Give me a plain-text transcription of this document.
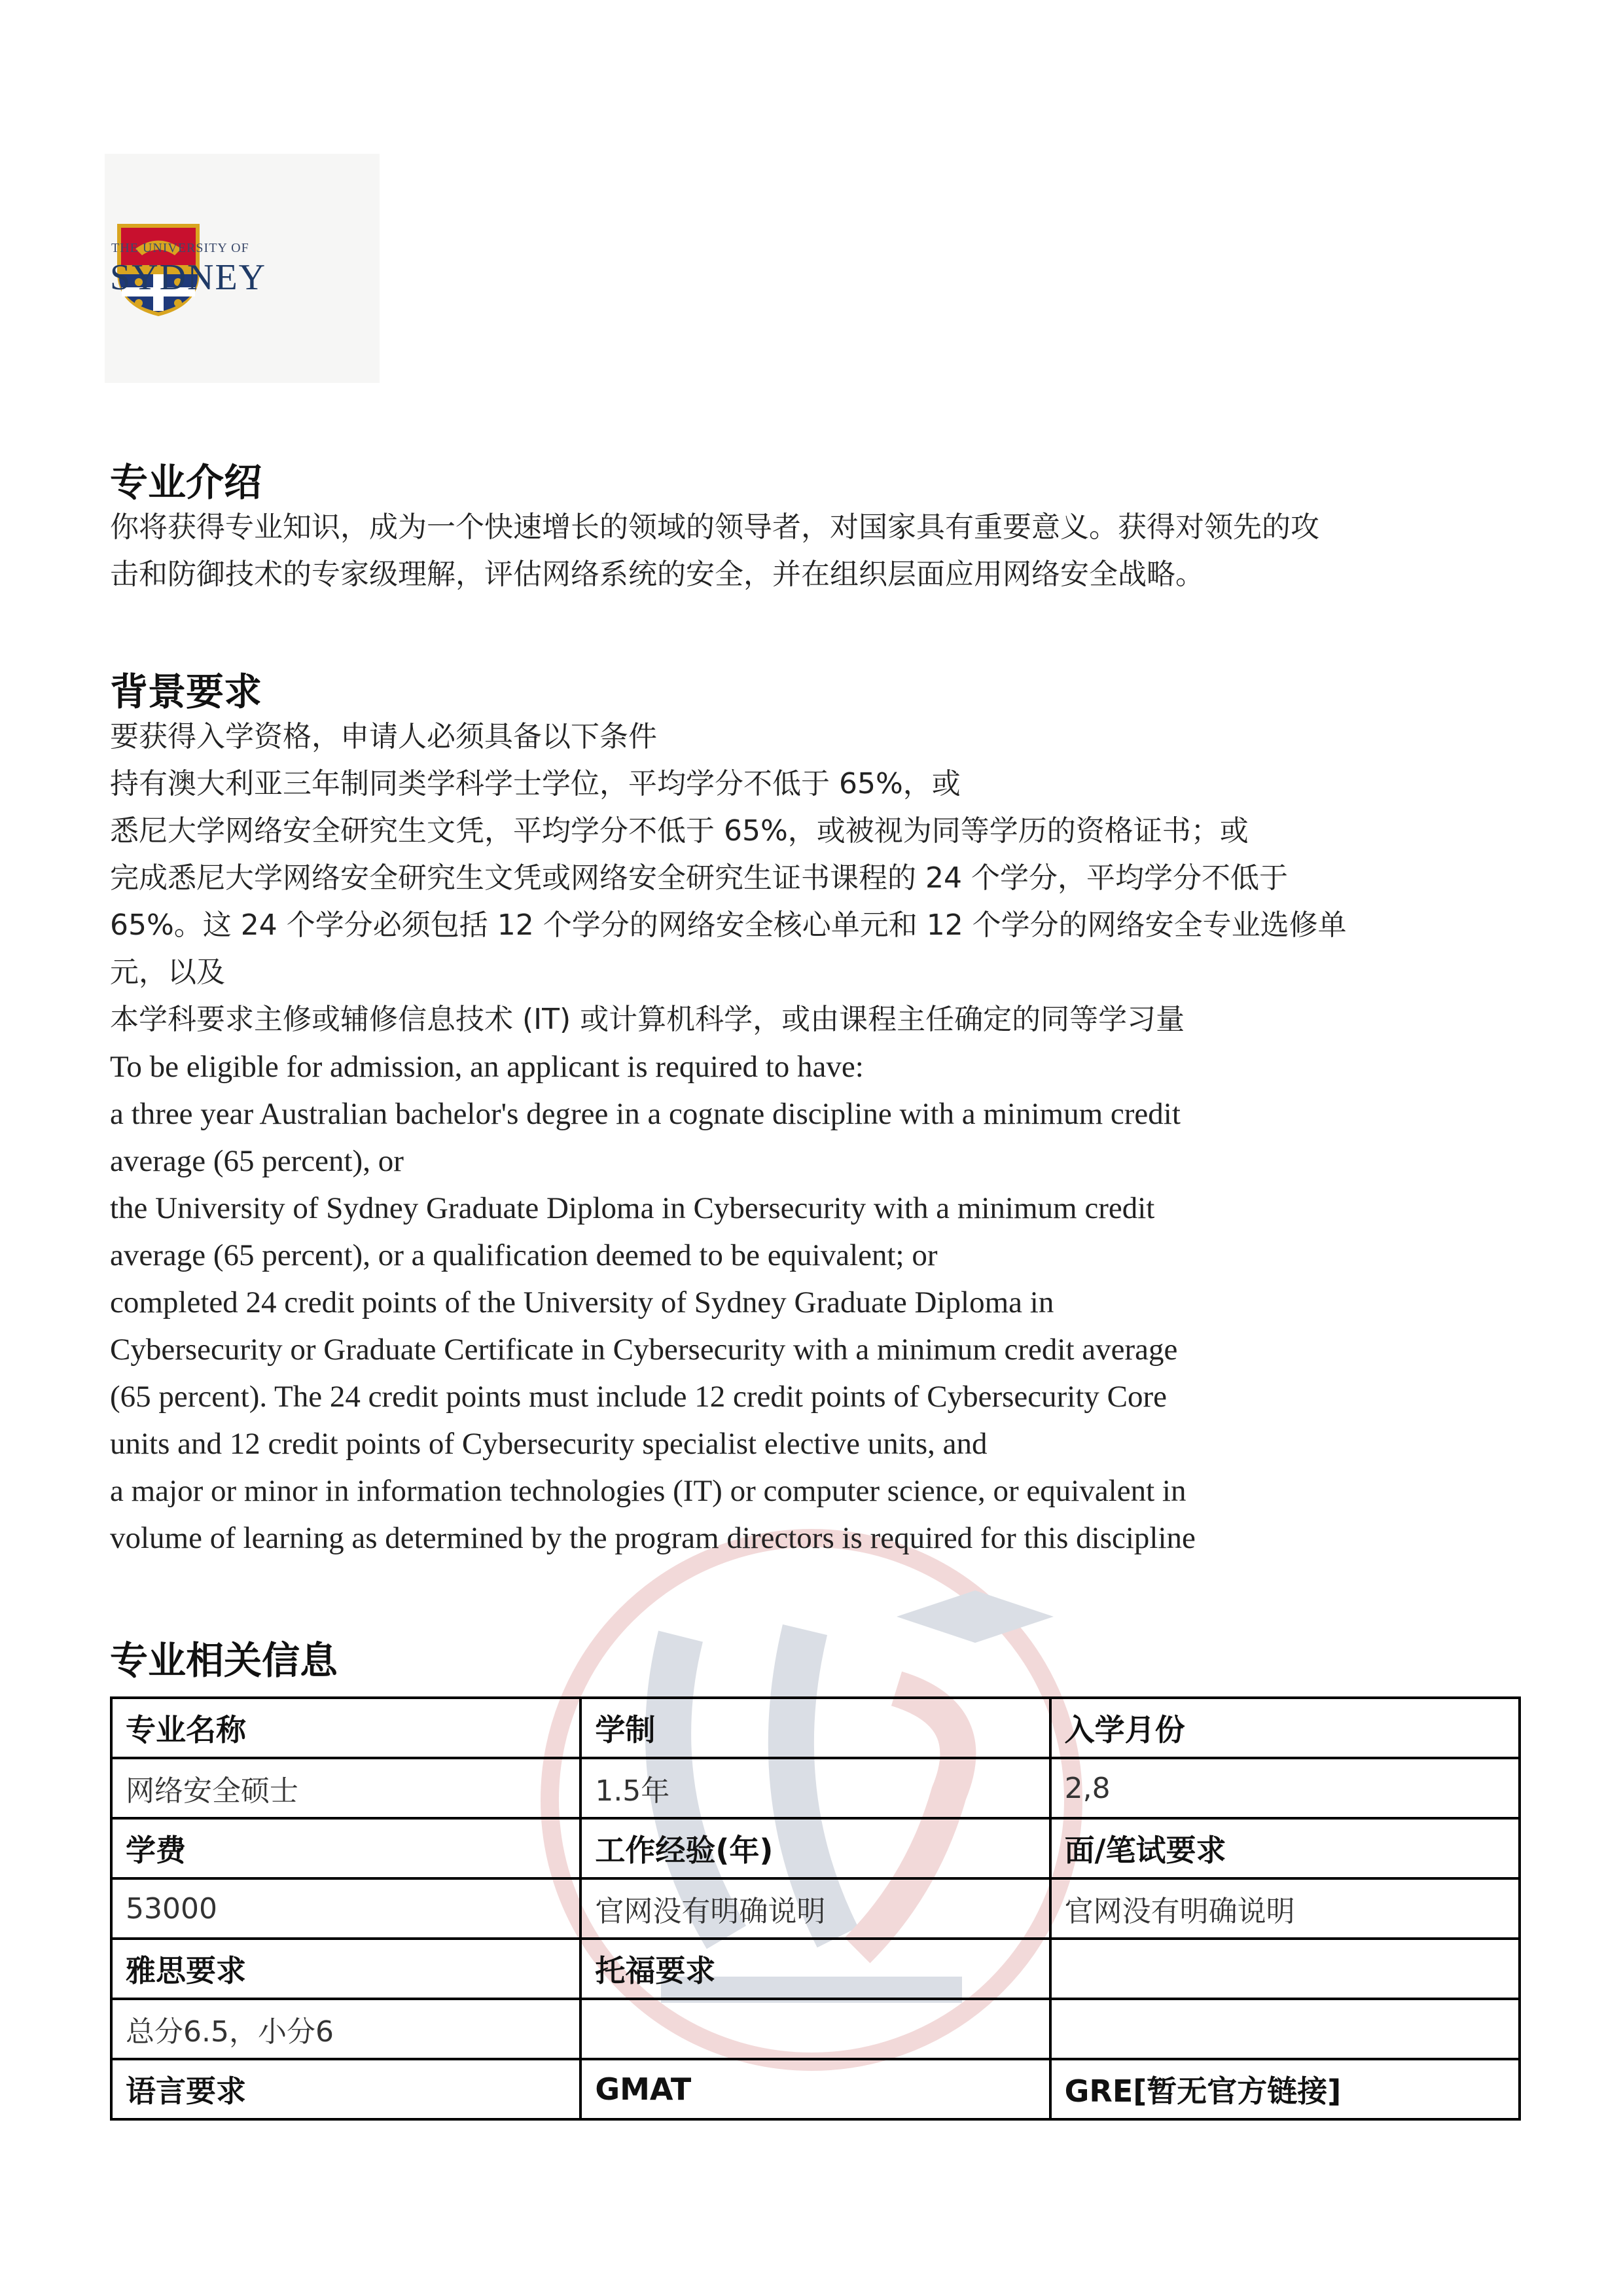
THE UNIVERSITY OF
SYDNEY
专业介绍

你将获得专业知识，成为一个快速增长的领域的领导者，对国家具有重要意义。获得对领先的攻

击和防御技术的专家级理解，评估网络系统的安全，并在组织层面应用网络安全战略。

背景要求

要获得入学资格，申请人必须具备以下条件

持有澳大利亚三年制同类学科学士学位，平均学分不低于 65%，或

悉尼大学网络安全研究生文凭，平均学分不低于 65%，或被视为同等学历的资格证书；或

完成悉尼大学网络安全研究生文凭或网络安全研究生证书课程的 24 个学分，平均学分不低于

65%。这 24 个学分必须包括 12 个学分的网络安全核心单元和 12 个学分的网络安全专业选修单

元，以及

本学科要求主修或辅修信息技术 (IT) 或计算机科学，或由课程主任确定的同等学习量

To be eligible for admission, an applicant is required to have:

a three year Australian bachelor's degree in a cognate discipline with a minimum credit

average (65 percent), or

the University of Sydney Graduate Diploma in Cybersecurity with a minimum credit

average (65 percent), or a qualification deemed to be equivalent; or

completed 24 credit points of the University of Sydney Graduate Diploma in

Cybersecurity or Graduate Certificate in Cybersecurity with a minimum credit average

(65 percent). The 24 credit points must include 12 credit points of Cybersecurity Core

units and 12 credit points of Cybersecurity specialist elective units, and

a major or minor in information technologies (IT) or computer science, or equivalent in

volume of learning as determined by the program directors is required for this discipline

专业相关信息
专业名称	学制	入学月份
网络安全硕士	1.5年	2,8
学费	工作经验(年)	面/笔试要求
53000	官网没有明确说明	官网没有明确说明
雅思要求	托福要求	
总分6.5，小分6		
语言要求	GMAT	GRE[暂无官方链接]
